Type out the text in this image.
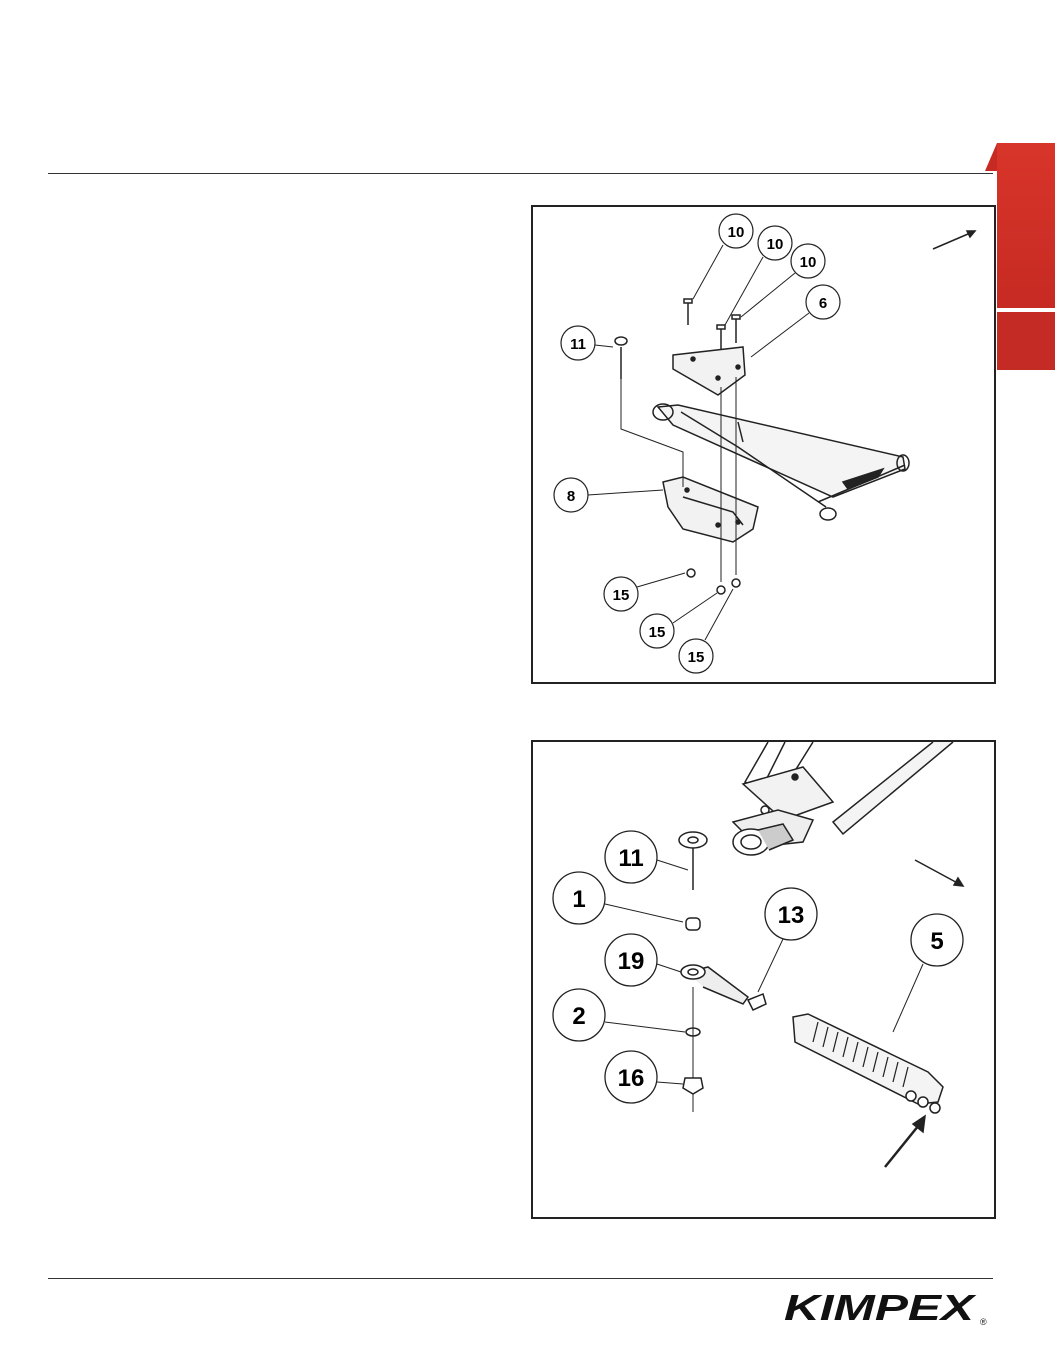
10
10
10
6
11
8
15
15
15
11
1
13
5
19
2
16
KIMPEX ®
